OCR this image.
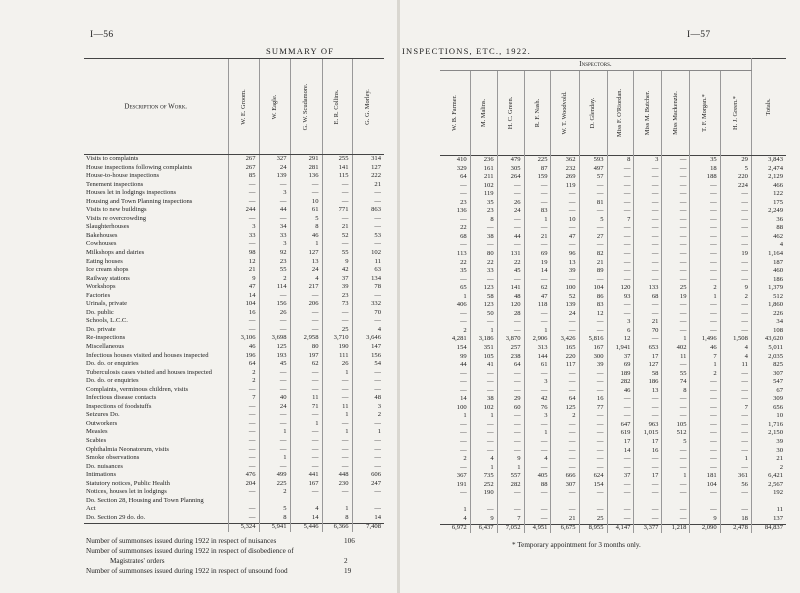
I—56
SUMMARY OF
Description of Work.	W. E. Groom.	W. Eagle.	G. W. Scudamore.	E. R. Collins.	G. G. Morley.

Visits to complaints	267	327	291	255	314
House inspections following complaints	267	24	281	141	127
House-to-house inspections	85	139	136	115	222
Tenement inspections	—	—	—	—	21
Houses let in lodgings inspections	—	3	—	—	—
Housing and Town Planning inspections	—	—	10	—	—
Visits to new buildings	244	44	61	771	863
Visits re overcrowding	—	—	5	—	—
Slaughterhouses	3	34	8	21	—
Bakehouses	33	33	46	52	53
Cowhouses	—	3	1	—	—
Milkshops and dairies	98	92	127	55	102
Eating houses	12	23	13	9	11
Ice cream shops	21	55	24	42	63
Railway stations	9	2	4	37	134
Workshops	47	114	217	39	78
Factories	14	—	—	23	—
Urinals, private	104	156	206	73	332
Do. public	16	26	—	—	70
Schools, L.C.C.	—	—	—	—	—
Do. private	—	—	—	25	4
Re-inspections	3,106	3,698	2,958	3,710	3,646
Miscellaneous	46	125	80	190	147
Infectious houses visited and houses inspected	196	193	197	111	156
Do. do. or enquiries	64	45	62	26	54
Tuberculosis cases visited and houses inspected	2	—	—	1	—
Do. do. or enquiries	2	—	—	—	—
Complaints, verminous children, visits	—	—	—	—	—
Infectious disease contacts	7	40	11	—	48
Inspections of foodstuffs	—	24	71	11	3
Seizures Do.	—	—	—	1	2
Outworkers	—	—	1	—	—
Measles	—	1	—	1	1
Scabies	—	—	—	—	—
Ophthalmia Neonatorum, visits	—	—	—	—	—
Smoke observations	—	1	—	—	—
Do. nuisances	—	—	—	—	—
Intimations	476	499	441	448	606
Statutory notices, Public Health	204	225	167	230	247
Notices, houses let in lodgings	—	2	—	—	—
Do. Section 28, Housing and Town Planning					
Act	—	5	4	1	—
Do. Section 29 do. do.	—	8	14	8	14
	5,324	5,941	5,446	6,366	7,408
Number of summonses issued during 1922 in respect of nuisances	106
Number of summonses issued during 1922 in respect of disobedience of
Magistrates' orders	2
Number of summonses issued during 1922 in respect of unsound food	19
I—57
INSPECTIONS, ETC., 1922.
Inspectors.											Totals.

W. B. Farmer.	M. Malins.	H. C. Green.	R. F. Nash.	W. T. Woodvold.	D. Glenday.	Miss F. O'Riordan.	Miss M. Butcher.	Miss Mackenzie.	T. F. Morgan.*	H. J. Green.*	

410	236	479	225	362	593	8	3	—	35	29	3,843
329	161	305	87	232	497	—	—	—	18	5	2,474
64	211	264	159	269	57	—	—	—	188	220	2,129
—	102	—	—	119	—	—	—	—	—	224	466
—	119	—	—	—	—	—	—	—	—	—	122
23	35	26	—	—	81	—	—	—	—	—	175
136	23	24	83	—	—	—	—	—	—	—	2,249
—	8	—	1	10	5	7	—	—	—	—	36
22	—	—	—	—	—	—	—	—	—	—	88
68	38	44	21	47	27	—	—	—	—	—	462
—	—	—	—	—	—	—	—	—	—	—	4
113	80	131	69	96	82	—	—	—	—	19	1,164
22	22	22	19	13	21	—	—	—	—	—	187
35	33	45	14	39	89	—	—	—	—	—	460
—	—	—	—	—	—	—	—	—	—	—	186
65	123	141	62	100	104	120	133	25	2	9	1,379
1	58	48	47	52	86	93	68	19	1	2	512
406	123	120	118	139	83	—	—	—	—	—	1,860
—	50	28	—	24	12	—	—	—	—	—	226
—	—	—	—	—	—	3	21	—	—	—	34
2	1	—	1	—	—	6	70	—	—	—	108
4,281	3,186	3,870	2,906	3,426	5,816	12	—	1	1,496	1,508	43,620
154	351	257	313	165	167	1,941	653	402	46	4	5,011
99	105	238	144	220	300	37	17	11	7	4	2,035
44	41	64	61	117	39	69	127	—	1	11	825
—	—	—	—	—	—	189	58	55	2	—	307
—	—	—	3	—	—	282	186	74	—	—	547
—	—	—	—	—	—	46	13	8	—	—	67
14	38	29	42	64	16	—	—	—	—	—	309
100	102	60	76	125	77	—	—	—	—	7	656
1	1	—	3	2	—	—	—	—	—	—	10
—	—	—	—	—	—	647	963	105	—	—	1,716
—	—	—	1	—	—	619	1,015	512	—	—	2,150
—	—	—	—	—	—	17	17	5	—	—	39
—	—	—	—	—	—	14	16	—	—	—	30
2	4	9	4	—	—	—	—	—	—	1	21
—	1	1	—	—	—	—	—	—	—	—	2
367	735	557	405	666	624	37	17	1	181	361	6,421
191	252	282	88	307	154	—	—	—	104	56	2,567
—	190	—	—	—	—	—	—	—	—	—	192

1	—	—	—	—	—	—	—	—	—	—	11
4	9	7	—	21	25	—	—	—	9	18	137
6,972	6,437	7,052	4,951	6,675	8,955	4,147	3,377	1,218	2,090	2,478	84,837
* Temporary appointment for 3 months only.
